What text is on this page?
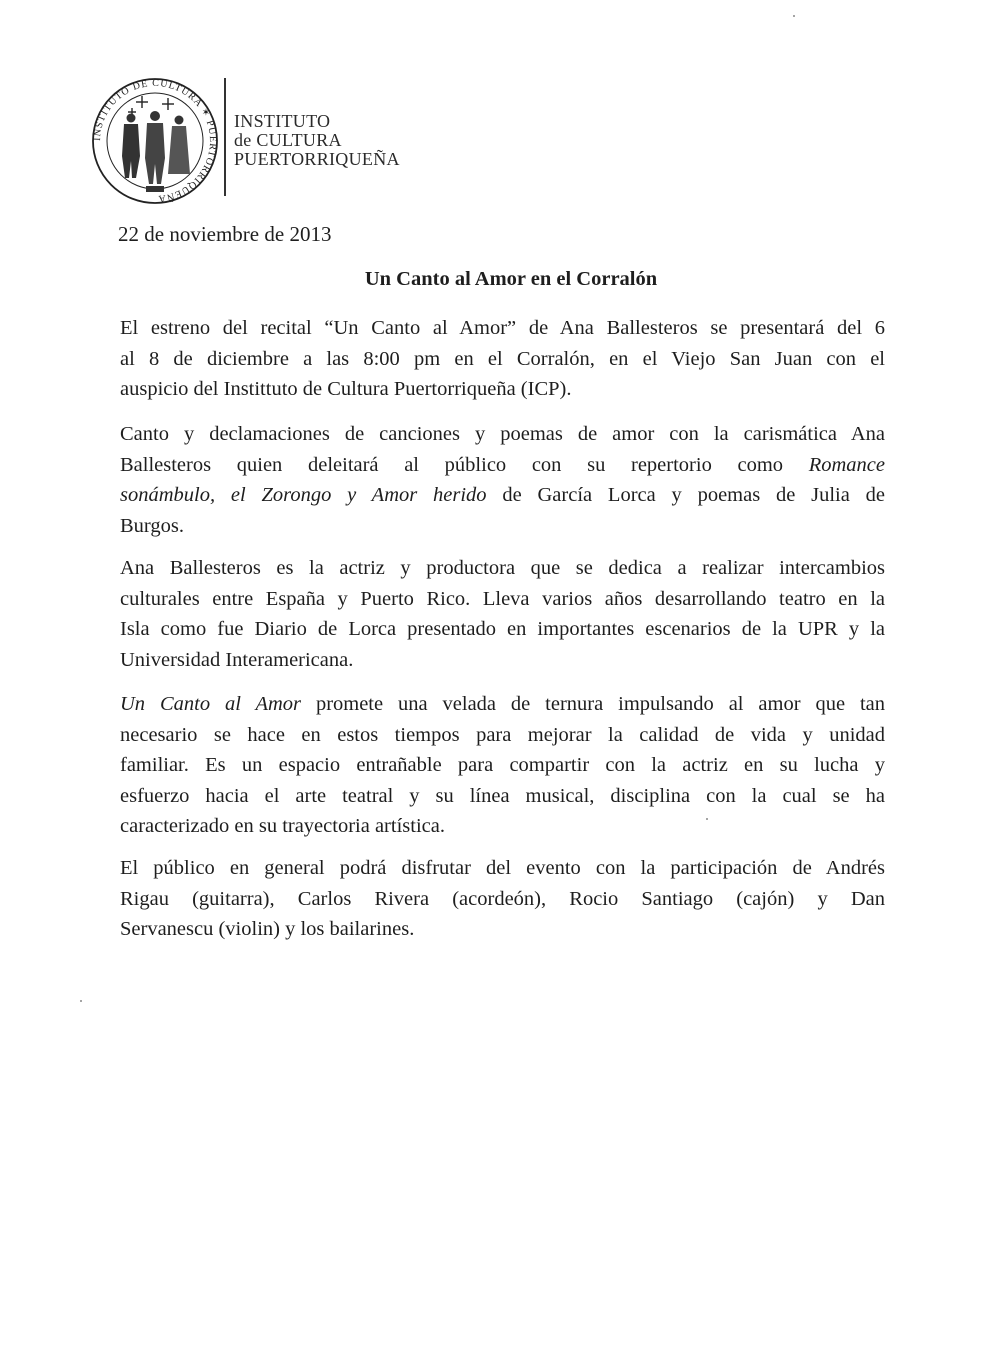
INSTITUTO DE CULTURA ✶ PUERTORRIQUEÑA
INSTITUTO
de CULTURA
PUERTORRIQUEÑA
22 de noviembre de 2013
Un Canto al Amor en el Corralón
El estreno del recital “Un Canto al Amor” de Ana Ballesteros se presentará del 6
al 8 de diciembre a las 8:00 pm en el Corralón, en el Viejo San Juan con el
auspicio del Instittuto de Cultura Puertorriqueña (ICP).
Canto y declamaciones de canciones y poemas de amor con la carismática Ana
Ballesteros quien deleitará al público con su repertorio como Romance
sonámbulo, el Zorongo y Amor herido de García Lorca y poemas de Julia de
Burgos.
Ana Ballesteros es la actriz y productora que se dedica a realizar intercambios
culturales entre España y Puerto Rico. Lleva varios años desarrollando teatro en la
Isla como fue Diario de Lorca presentado en importantes escenarios de la UPR y la
Universidad Interamericana.
Un Canto al Amor promete una velada de ternura impulsando al amor que tan
necesario se hace en estos tiempos para mejorar la calidad de vida y unidad
familiar. Es un espacio entrañable para compartir con la actriz en su lucha y
esfuerzo hacia el arte teatral y su línea musical, disciplina con la cual se ha
caracterizado en su trayectoria artística.
El público en general podrá disfrutar del evento con la participación de Andrés
Rigau (guitarra), Carlos Rivera (acordeón), Rocio Santiago (cajón) y Dan
Servanescu (violin) y los bailarines.
